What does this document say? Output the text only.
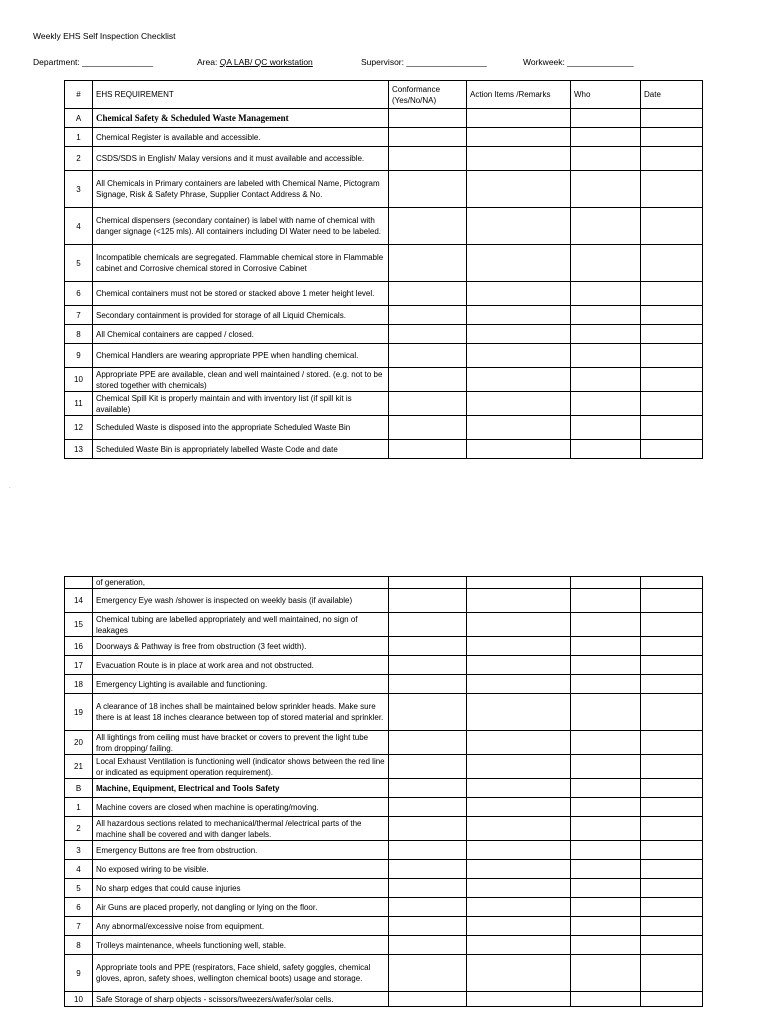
Weekly EHS Self Inspection Checklist
Department: _______________	Area: QA LAB/ QC workstation	Supervisor: _________________	Workweek: ______________
.
#	EHS REQUIREMENT	Conformance (Yes/No/NA)	Action Items /Remarks	Who	Date
A	Chemical Safety & Scheduled Waste Management				
1	Chemical Register is available and accessible.				
2	CSDS/SDS in English/ Malay versions and it must available and accessible.				
3	All Chemicals in Primary containers are labeled with Chemical Name, Pictogram Signage, Risk & Safety Phrase, Supplier Contact Address & No.				
4	Chemical dispensers (secondary container) is label with name of chemical with danger signage (<125 mls). All containers including DI Water need to be labeled.				
5	Incompatible chemicals are segregated. Flammable chemical store in Flammable cabinet and Corrosive chemical stored in Corrosive Cabinet				
6	Chemical containers must not be stored or stacked above 1 meter height level.				
7	Secondary containment is provided for storage of all Liquid Chemicals.				
8	All Chemical containers are capped / closed.				
9	Chemical Handlers are wearing appropriate PPE when handling chemical.				
10	Appropriate PPE are available, clean and well maintained / stored. (e.g. not to be stored together with chemicals)				
11	Chemical Spill Kit is properly maintain and with inventory list (if spill kit is available)				
12	Scheduled Waste is disposed into the appropriate Scheduled Waste Bin				
13	Scheduled Waste Bin is appropriately labelled Waste Code and date				
	of generation,				
14	Emergency Eye wash /shower is inspected on weekly basis (if available)				
15	Chemical tubing are labelled appropriately and well maintained, no sign of leakages				
16	Doorways & Pathway is free from obstruction (3 feet width).				
17	Evacuation Route is in place at work area and not obstructed.				
18	Emergency Lighting is available and functioning.				
19	A clearance of 18 inches shall be maintained below sprinkler heads. Make sure there is at least 18 inches clearance between top of stored material and sprinkler.				
20	All lightings from ceiling must have bracket or covers to prevent the light tube from dropping/ failing.				
21	Local Exhaust Ventilation is functioning well (indicator shows between the red line or indicated as equipment operation requirement).				
B	Machine, Equipment, Electrical and Tools Safety				
1	Machine covers are closed when machine is operating/moving.				
2	All hazardous sections related to mechanical/thermal /electrical parts of the machine shall be covered and with danger labels.				
3	Emergency Buttons are free from obstruction.				
4	No exposed wiring to be visible.				
5	No sharp edges that could cause injuries				
6	Air Guns are placed properly, not dangling or lying on the floor.				
7	Any abnormal/excessive noise from equipment.				
8	Trolleys maintenance, wheels functioning well, stable.				
9	Appropriate tools and PPE (respirators, Face shield, safety goggles, chemical gloves, apron, safety shoes, wellington chemical boots) usage and storage.				
10	Safe Storage of sharp objects - scissors/tweezers/wafer/solar cells.				
